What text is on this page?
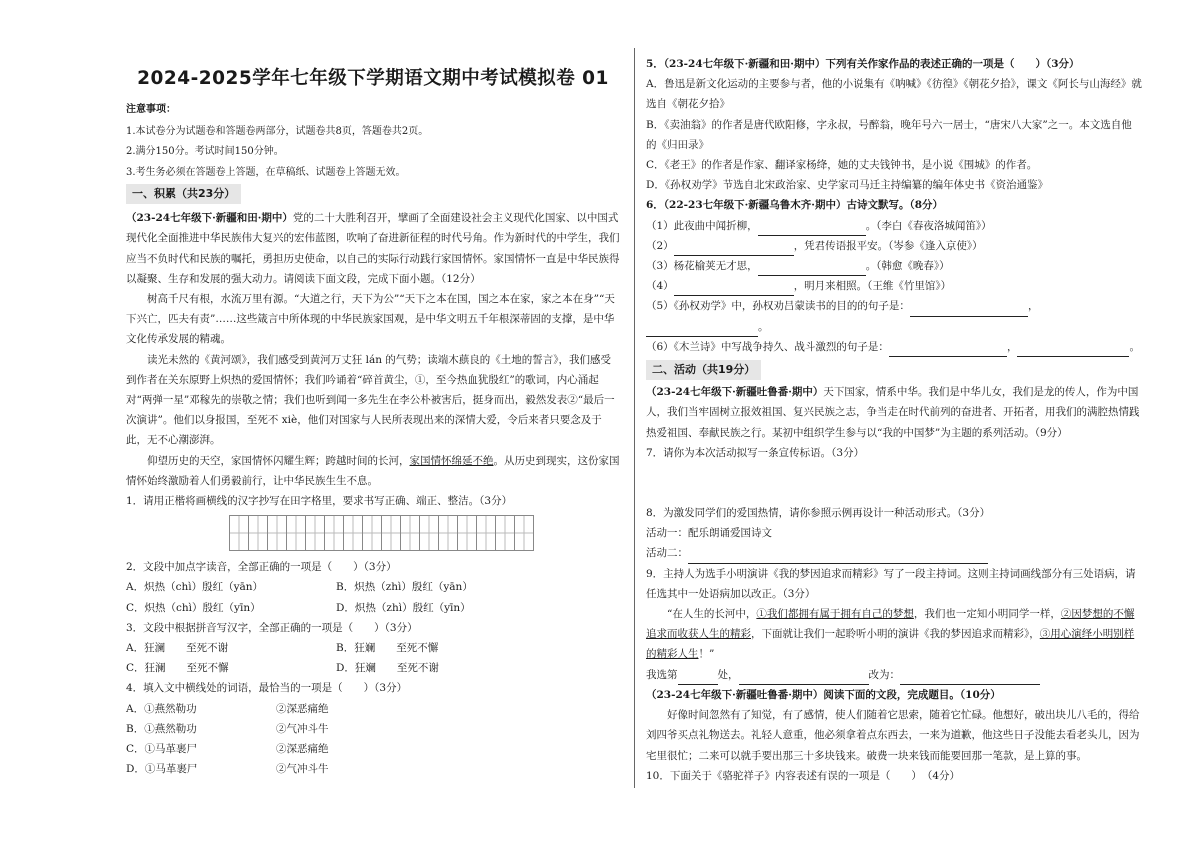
2024-2025学年七年级下学期语文期中考试模拟卷 01

注意事项：

1.本试卷分为试题卷和答题卷两部分，试题卷共8页，答题卷共2页。

2.满分150分。考试时间150分钟。

3.考生务必须在答题卷上答题，在草稿纸、试题卷上答题无效。

一、积累（共23分）

（23-24七年级下·新疆和田·期中）党的二十大胜利召开，擘画了全面建设社会主义现代化国家、以中国式现代化全面推进中华民族伟大复兴的宏伟蓝图，吹响了奋进新征程的时代号角。作为新时代的中学生，我们应当不负时代和民族的嘱托，勇担历史使命，以自己的实际行动践行家国情怀。家国情怀一直是中华民族得以凝聚、生存和发展的强大动力。请阅读下面文段，完成下面小题。（12分）

树高千尺有根，水流万里有源。“大道之行，天下为公”“天下之本在国，国之本在家，家之本在身”“天下兴亡，匹夫有责”……这些箴言中所体现的中华民族家国观，是中华文明五千年根深蒂固的支撑，是中华文化传承发展的精魂。

读光未然的《黄河颂》，我们感受到黄河万丈狂 lán 的气势；读端木蕻良的《土地的誓言》，我们感受到作者在关东原野上炽热的爱国情怀；我们吟诵着“碎首黄尘，①，至今热血犹殷红”的歌词，内心涌起对“两弹一星”邓稼先的崇敬之情；我们也听到闻一多先生在李公朴被害后，挺身而出，毅然发表②“最后一次演讲”。他们以身报国，至死不 xiè，他们对国家与人民所表现出来的深情大爱，令后来者只要念及于此，无不心潮澎湃。

仰望历史的天空，家国情怀闪耀生辉；跨越时间的长河，家国情怀绵延不绝。从历史到现实，这份家国情怀始终激励着人们勇毅前行，让中华民族生生不息。

1．请用正楷将画横线的汉字抄写在田字格里，要求书写正确、端正、整洁。（3分）

2．文段中加点字读音，全部正确的一项是（　　）（3分）

A．炽热（chì）殷红（yān）	B．炽热（zhì）殷红（yān）
C．炽热（chì）殷红（yīn）	D．炽热（zhì）殷红（yīn）

3．文段中根据拼音写汉字，全部正确的一项是（　　）（3分）

A．狂澜　　至死不谢	B．狂斓　　至死不懈
C．狂澜　　至死不懈	D．狂斓　　至死不谢

4．填入文中横线处的词语，最恰当的一项是（　　）（3分）

A．①燕然勒功	②深恶痛绝
B．①燕然勒功	②气冲斗牛
C．①马革裹尸	②深恶痛绝
D．①马革裹尸	②气冲斗牛

5．（23-24七年级下·新疆和田·期中）下列有关作家作品的表述正确的一项是（　　）（3分）

A．鲁迅是新文化运动的主要参与者，他的小说集有《呐喊》《彷徨》《朝花夕拾》，课文《阿长与山海经》就选自《朝花夕拾》

B．《卖油翁》的作者是唐代欧阳修，字永叔，号醉翁，晚年号六一居士，“唐宋八大家”之一。本文选自他的《归田录》

C．《老王》的作者是作家、翻译家杨绛，她的丈夫钱钟书，是小说《围城》的作者。

D．《孙权劝学》节选自北宋政治家、史学家司马迁主持编纂的编年体史书《资治通鉴》

6．（22-23七年级下·新疆乌鲁木齐·期中）古诗文默写。（8分）

（1）此夜曲中闻折柳，	。（李白《春夜洛城闻笛》）

（2）	，凭君传语报平安。（岑参《逢入京使》）

（3）杨花榆荚无才思，	。（韩愈《晚春》）

（4）	，明月来相照。（王维《竹里馆》）

（5）《孙权劝学》中，孙权劝吕蒙读书的目的的句子是：	，。

（6）《木兰诗》中写战争持久、战斗激烈的句子是：	，	。

二、活动（共19分）

（23-24七年级下·新疆吐鲁番·期中）天下国家，情系中华。我们是中华儿女，我们是龙的传人，作为中国人，我们当牢固树立报效祖国、复兴民族之志，争当走在时代前列的奋进者、开拓者，用我们的满腔热情践热爱祖国、奉献民族之行。某初中组织学生参与以“我的中国梦”为主题的系列活动。（9分）

7．请你为本次活动拟写一条宣传标语。（3分）

8．为激发同学们的爱国热情，请你参照示例再设计一种活动形式。（3分）

活动一：配乐朗诵爱国诗文

活动二：

9．主持人为选手小明演讲《我的梦因追求而精彩》写了一段主持词。这则主持词画线部分有三处语病，请任选其中一处语病加以改正。（3分）

“在人生的长河中，①我们都拥有属于拥有自己的梦想，我们也一定知小明同学一样，②因梦想的不懈追求而收获人生的精彩，下面就让我们一起聆听小明的演讲《我的梦因追求而精彩》，③用心演绎小明别样的精彩人生！”

我选第	处，	改为：

（23-24七年级下·新疆吐鲁番·期中）阅读下面的文段，完成题目。（10分）

好像时间忽然有了知觉，有了感情，使人们随着它思索，随着它忙碌。他想好，破出块儿八毛的，得给刘四爷买点礼物送去。礼轻人意重，他必须拿着点东西去，一来为道歉，他这些日子没能去看老头儿，因为宅里很忙；二来可以就手要出那三十多块钱来。破费一块来钱而能要回那一笔款，是上算的事。

10．下面关于《骆驼祥子》内容表述有误的一项是（　　）　（4分）
